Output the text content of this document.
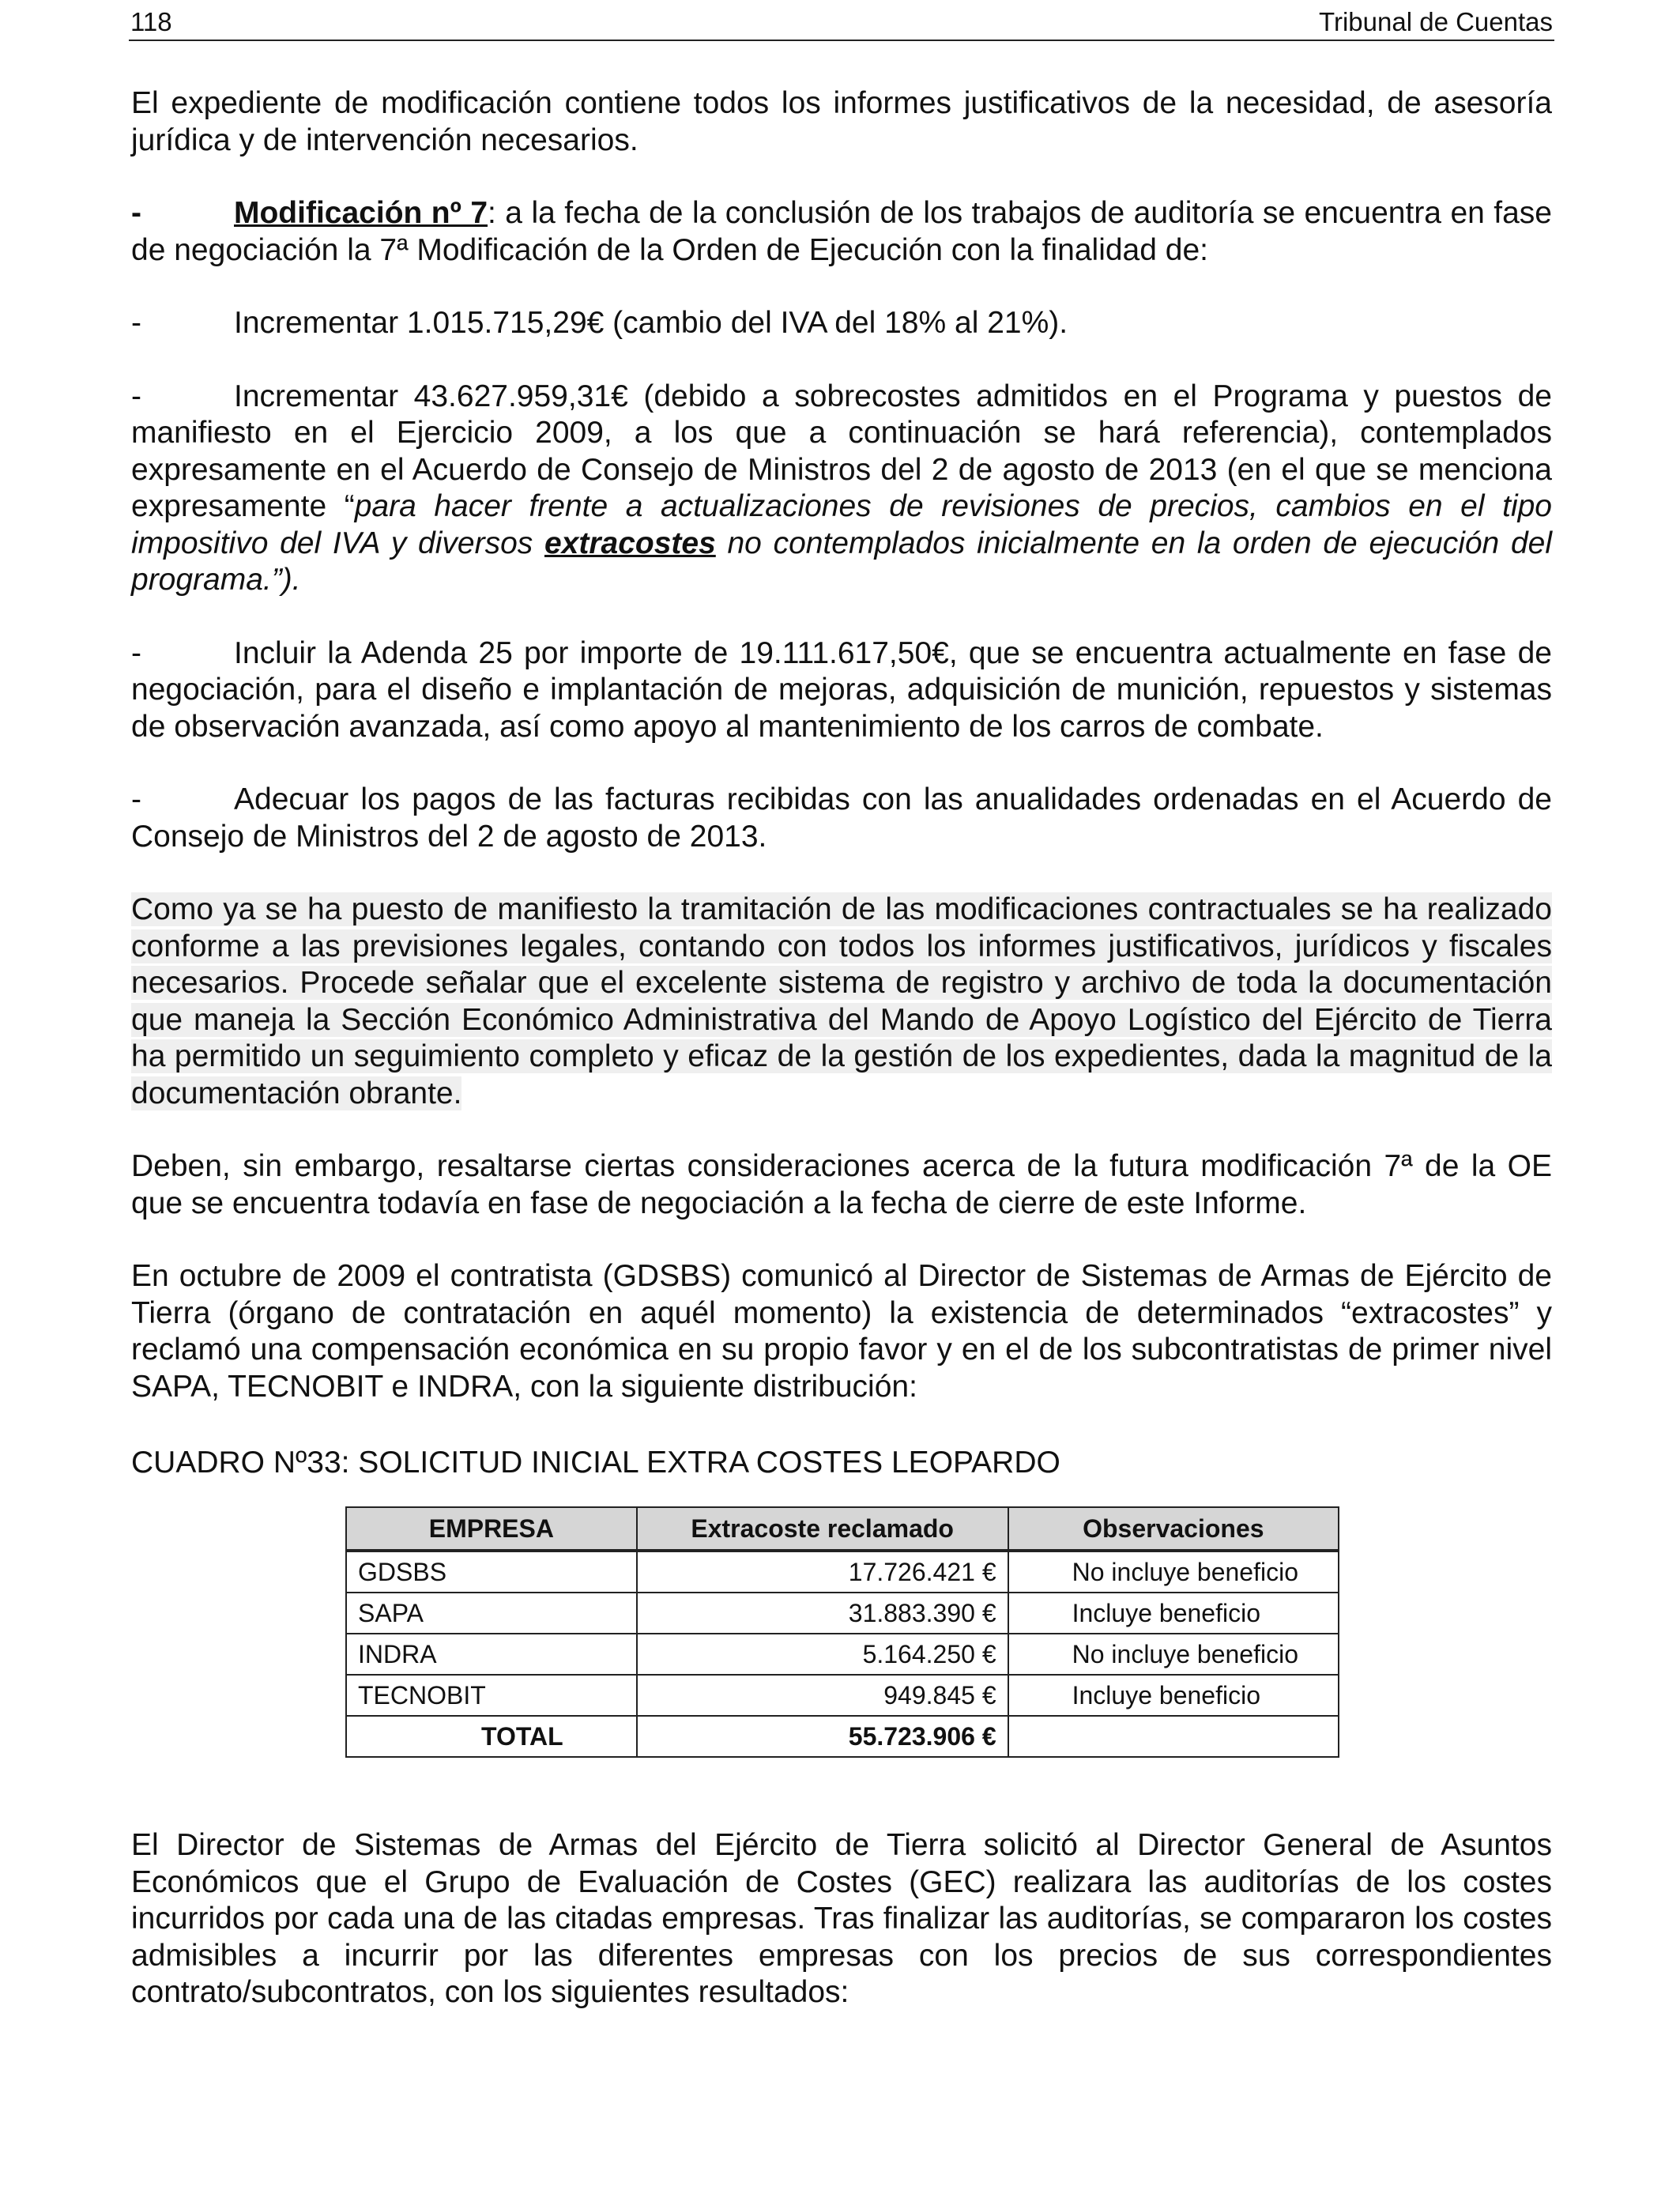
118	Tribunal de Cuentas

El expediente de modificación contiene todos los informes justificativos de la necesidad, de asesoría jurídica y de intervención necesarios.

-	Modificación nº 7: a la fecha de la conclusión de los trabajos de auditoría se encuentra en fase de negociación la 7ª Modificación de la Orden de Ejecución con la finalidad de:

-	Incrementar 1.015.715,29€ (cambio del IVA del 18% al 21%).

-	Incrementar 43.627.959,31€ (debido a sobrecostes admitidos en el Programa y puestos de manifiesto en el Ejercicio 2009, a los que a continuación se hará referencia), contemplados expresamente en el Acuerdo de Consejo de Ministros del 2 de agosto de 2013 (en el que se menciona expresamente “para hacer frente a actualizaciones de revisiones de precios, cambios en el tipo impositivo del IVA y diversos extracostes no contemplados inicialmente en la orden de ejecución del programa.”).

-	Incluir la Adenda 25 por importe de 19.111.617,50€, que se encuentra actualmente en fase de negociación, para el diseño e implantación de mejoras, adquisición de munición, repuestos y sistemas de observación avanzada, así como apoyo al mantenimiento de los carros de combate.

-	Adecuar los pagos de las facturas recibidas con las anualidades ordenadas en el Acuerdo de Consejo de Ministros del 2 de agosto de 2013.

Como ya se ha puesto de manifiesto la tramitación de las modificaciones contractuales se ha realizado conforme a las previsiones legales, contando con todos los informes justificativos, jurídicos y fiscales necesarios. Procede señalar que el excelente sistema de registro y archivo de toda la documentación que maneja la Sección Económico Administrativa del Mando de Apoyo Logístico del Ejército de Tierra ha permitido un seguimiento completo y eficaz de la gestión de los expedientes, dada la magnitud de la documentación obrante.

Deben, sin embargo, resaltarse ciertas consideraciones acerca de la futura modificación 7ª de la OE que se encuentra todavía en fase de negociación a la fecha de cierre de este Informe.

En octubre de 2009 el contratista (GDSBS) comunicó al Director de Sistemas de Armas de Ejército de Tierra (órgano de contratación en aquél momento) la existencia de determinados “extracostes” y reclamó una compensación económica en su propio favor y en el de los subcontratistas de primer nivel SAPA, TECNOBIT e INDRA, con la siguiente distribución:

CUADRO Nº33: SOLICITUD INICIAL EXTRA COSTES LEOPARDO

EMPRESA	Extracoste reclamado	Observaciones
GDSBS	17.726.421 €	No incluye beneficio
SAPA	31.883.390 €	Incluye beneficio
INDRA	5.164.250 €	No incluye beneficio
TECNOBIT	949.845 €	Incluye beneficio
TOTAL	55.723.906 €	

El Director de Sistemas de Armas del Ejército de Tierra solicitó al Director General de Asuntos Económicos que el Grupo de Evaluación de Costes (GEC) realizara las auditorías de los costes incurridos por cada una de las citadas empresas. Tras finalizar las auditorías, se compararon los costes admisibles a incurrir por las diferentes empresas con los precios de sus correspondientes contrato/subcontratos, con los siguientes resultados:
